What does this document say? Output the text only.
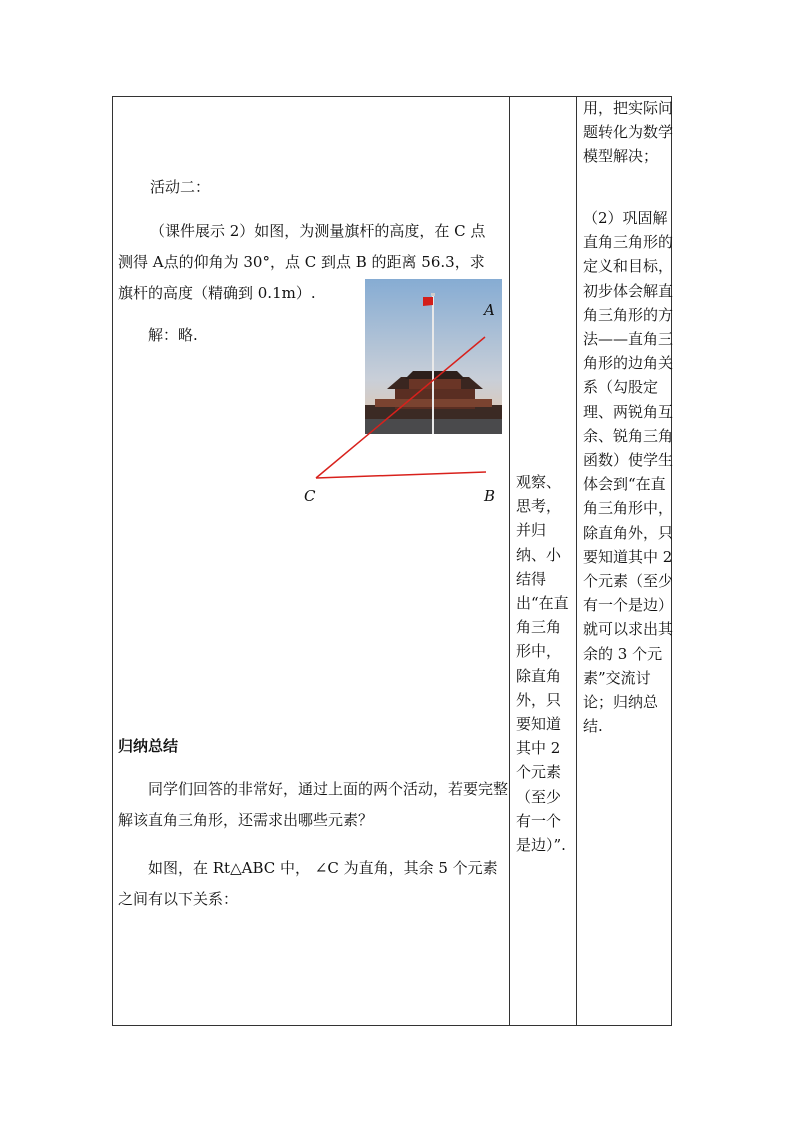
活动二：
（课件展示 2）如图，为测量旗杆的高度，在 C 点
测得 A点的仰角为 30°，点 C 到点 B 的距离 56.3，求
旗杆的高度（精确到 0.1m）.
解：略.
A
C	B
归纳总结
同学们回答的非常好，通过上面的两个活动，若要完整解该直角三角形，还需求出哪些元素？
如图，在 Rt△ABC 中， ∠C 为直角，其余 5 个元素之间有以下关系：
观察、思考，并归纳、小结得出“在直角三角形中，除直角外，只要知道其中 2 个元素（至少有一个是边）”.
用，把实际问题转化为数学模型解决；
（2）巩固解直角三角形的定义和目标，初步体会解直角三角形的方法——直角三角形的边角关系（勾股定理、两锐角互余、锐角三角函数）使学生体会到“在直角三角形中，除直角外，只要知道其中 2 个元素（至少有一个是边）就可以求出其余的 3 个元素”交流讨论；归纳总结.
